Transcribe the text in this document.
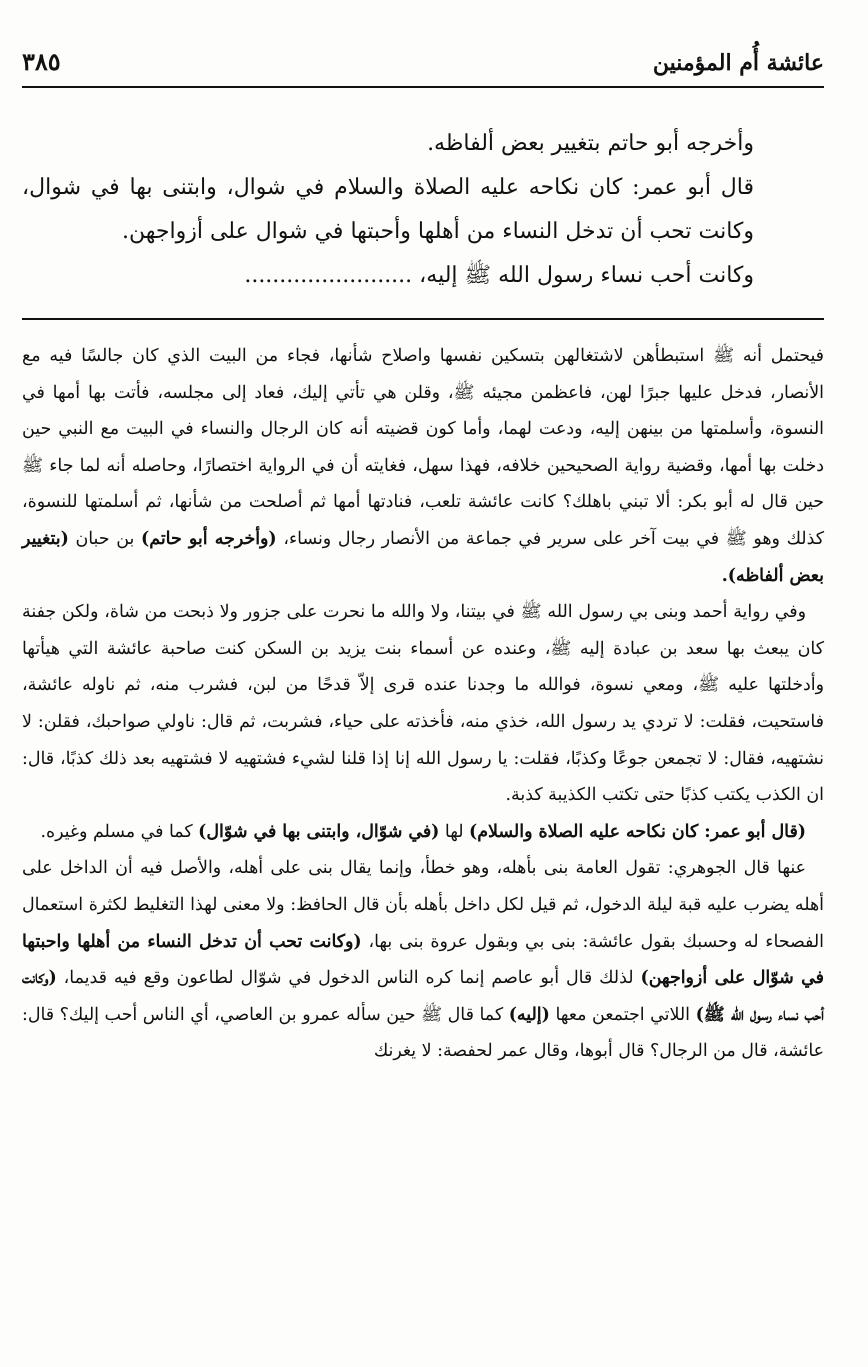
عائشة أُم المؤمنين
٣٨٥

وأخرجه أبو حاتم بتغيير بعض ألفاظه.

قال أبو عمر: كان نكاحه عليه الصلاة والسلام في شوال، وابتنى بها في شوال، وكانت تحب أن تدخل النساء من أهلها وأحبتها في شوال على أزواجهن.

وكانت أحب نساء رسول الله ﷺ إليه، ........................

فيحتمل أنه ﷺ استبطأهن لاشتغالهن بتسكين نفسها واصلاح شأنها، فجاء من البيت الذي كان جالسًا فيه مع الأنصار، فدخل عليها جبرًا لهن، فاعظمن مجيئه ﷺ، وقلن هي تأتي إليك، فعاد إلى مجلسه، فأتت بها أمها في النسوة، وأسلمتها من بينهن إليه، ودعت لهما، وأما كون قضيته أنه كان الرجال والنساء في البيت مع النبي حين دخلت بها أمها، وقضية رواية الصحيحين خلافه، فهذا سهل، فغايته أن في الرواية اختصارًا، وحاصله أنه لما جاء ﷺ حين قال له أبو بكر: ألا تبني باهلك؟ كانت عائشة تلعب، فنادتها أمها ثم أصلحت من شأنها، ثم أسلمتها للنسوة، كذلك وهو ﷺ في بيت آخر على سرير في جماعة من الأنصار رجال ونساء، (وأخرجه أبو حاتم) بن حبان (بتغيير بعض ألفاظه).

وفي رواية أحمد وبنى بي رسول الله ﷺ في بيتنا، ولا والله ما نحرت على جزور ولا ذبحت من شاة، ولكن جفنة كان يبعث بها سعد بن عبادة إليه ﷺ، وعنده عن أسماء بنت يزيد بن السكن كنت صاحبة عائشة التي هيأتها وأدخلتها عليه ﷺ، ومعي نسوة، فوالله ما وجدنا عنده قرى إلاّ قدحًا من لبن، فشرب منه، ثم ناوله عائشة، فاستحيت، فقلت: لا تردي يد رسول الله، خذي منه، فأخذته على حياء، فشربت، ثم قال: ناولي صواحبك، فقلن: لا نشتهيه، فقال: لا تجمعن جوعًا وكذبًا، فقلت: يا رسول الله إنا إذا قلنا لشيء فشتهيه لا فشتهيه بعد ذلك كذبًا، قال: ان الكذب يكتب كذبًا حتى تكتب الكذيبة كذبة.

(قال أبو عمر: كان نكاحه عليه الصلاة والسلام) لها (في شوّال، وابتنى بها في شوّال) كما في مسلم وغيره.

عنها قال الجوهري: تقول العامة بنى بأهله، وهو خطأ، وإنما يقال بنى على أهله، والأصل فيه أن الداخل على أهله يضرب عليه قبة ليلة الدخول، ثم قيل لكل داخل بأهله بأن قال الحافظ: ولا معنى لهذا التغليط لكثرة استعمال الفصحاء له وحسبك بقول عائشة: بنى بي وبقول عروة بنى بها، (وكانت تحب أن تدخل النساء من أهلها واحبتها في شوّال على أزواجهن) لذلك قال أبو عاصم إنما كره الناس الدخول في شوّال لطاعون وقع فيه قديما، (وكانت أحب نساء رسول الله ﷺ) اللاتي اجتمعن معها (إليه) كما قال ﷺ حين سأله عمرو بن العاصي، أي الناس أحب إليك؟ قال: عائشة، قال من الرجال؟ قال أبوها، وقال عمر لحفصة: لا يغرنك
